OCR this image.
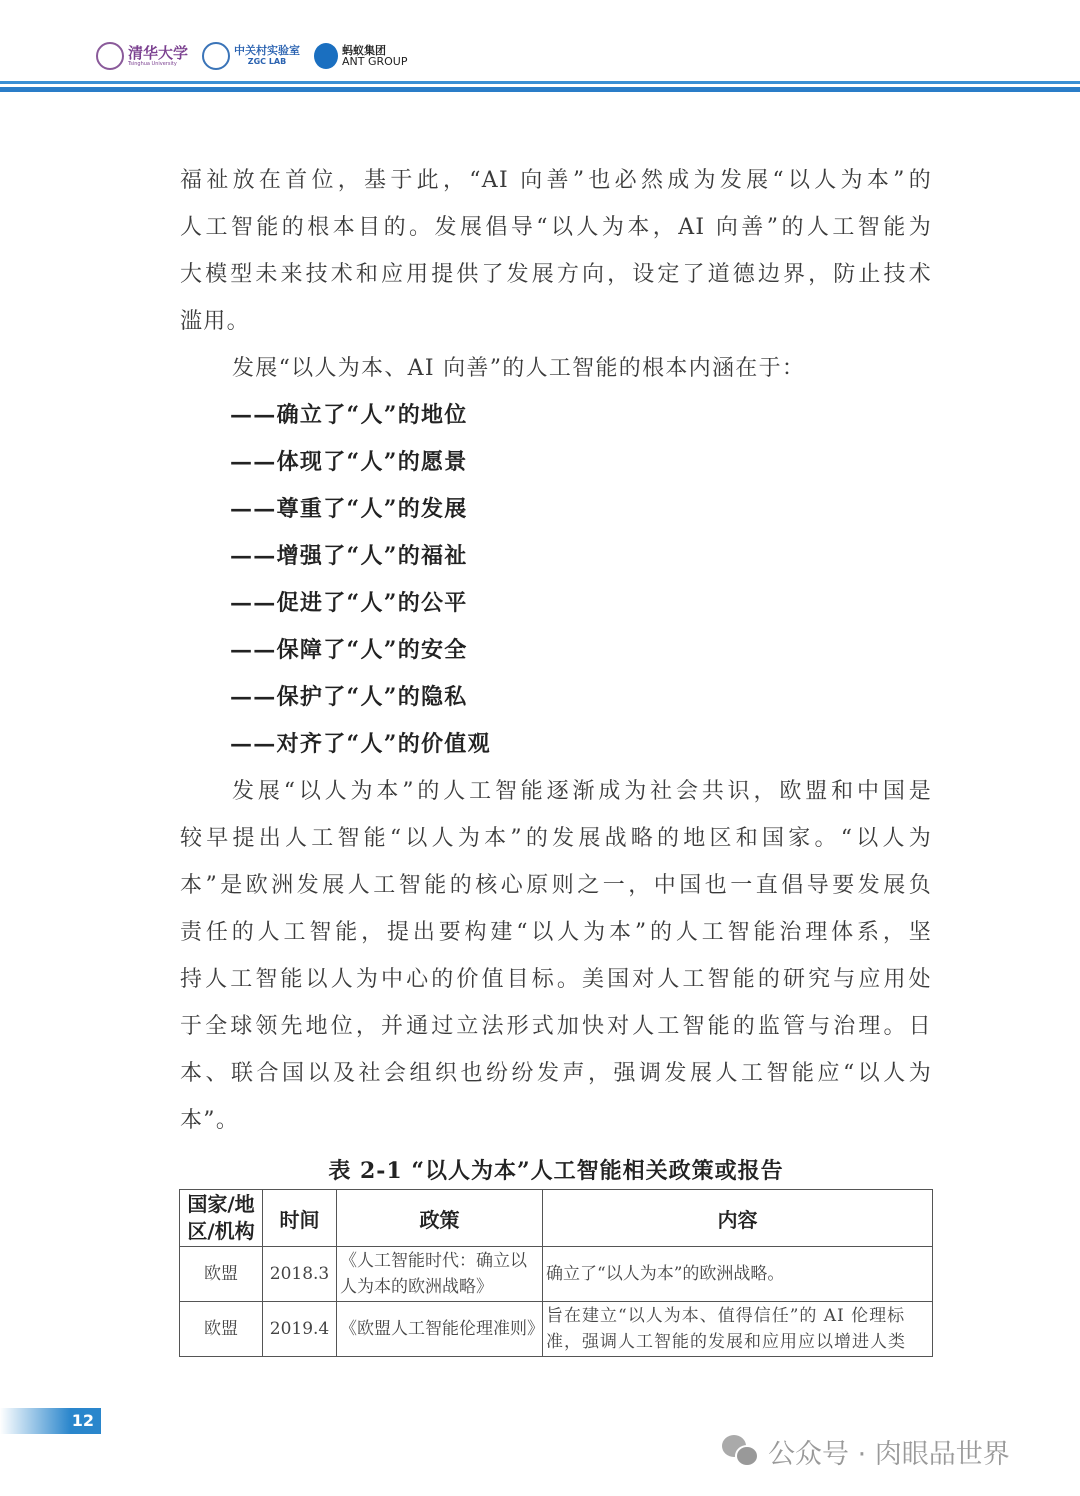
清华大学
Tsinghua University
中关村实验室
ZGC LAB
蚂蚁集团
ANT GROUP
福祉放在首位，基于此，“AI 向善”也必然成为发展“以人为本”的
人工智能的根本目的。发展倡导“以人为本，AI 向善”的人工智能为
大模型未来技术和应用提供了发展方向，设定了道德边界，防止技术
滥用。
发展“以人为本、AI 向善”的人工智能的根本内涵在于：
——确立了“人”的地位
——体现了“人”的愿景
——尊重了“人”的发展
——增强了“人”的福祉
——促进了“人”的公平
——保障了“人”的安全
——保护了“人”的隐私
——对齐了“人”的价值观
发展“以人为本”的人工智能逐渐成为社会共识，欧盟和中国是
较早提出人工智能“以人为本”的发展战略的地区和国家。“以人为
本”是欧洲发展人工智能的核心原则之一，中国也一直倡导要发展负
责任的人工智能，提出要构建“以人为本”的人工智能治理体系，坚
持人工智能以人为中心的价值目标。美国对人工智能的研究与应用处
于全球领先地位，并通过立法形式加快对人工智能的监管与治理。日
本、联合国以及社会组织也纷纷发声，强调发展人工智能应“以人为
本”。
表 2-1 “以人为本”人工智能相关政策或报告
国家/地区/机构	时间	政策	内容
欧盟	2018.3	《人工智能时代：确立以人为本的欧洲战略》	确立了“以人为本”的欧洲战略。
欧盟	2019.4	《欧盟人工智能伦理准则》	旨在建立“以人为本、值得信任”的 AI 伦理标准，强调人工智能的发展和应用应以增进人类
12
公众号 · 肉眼品世界
